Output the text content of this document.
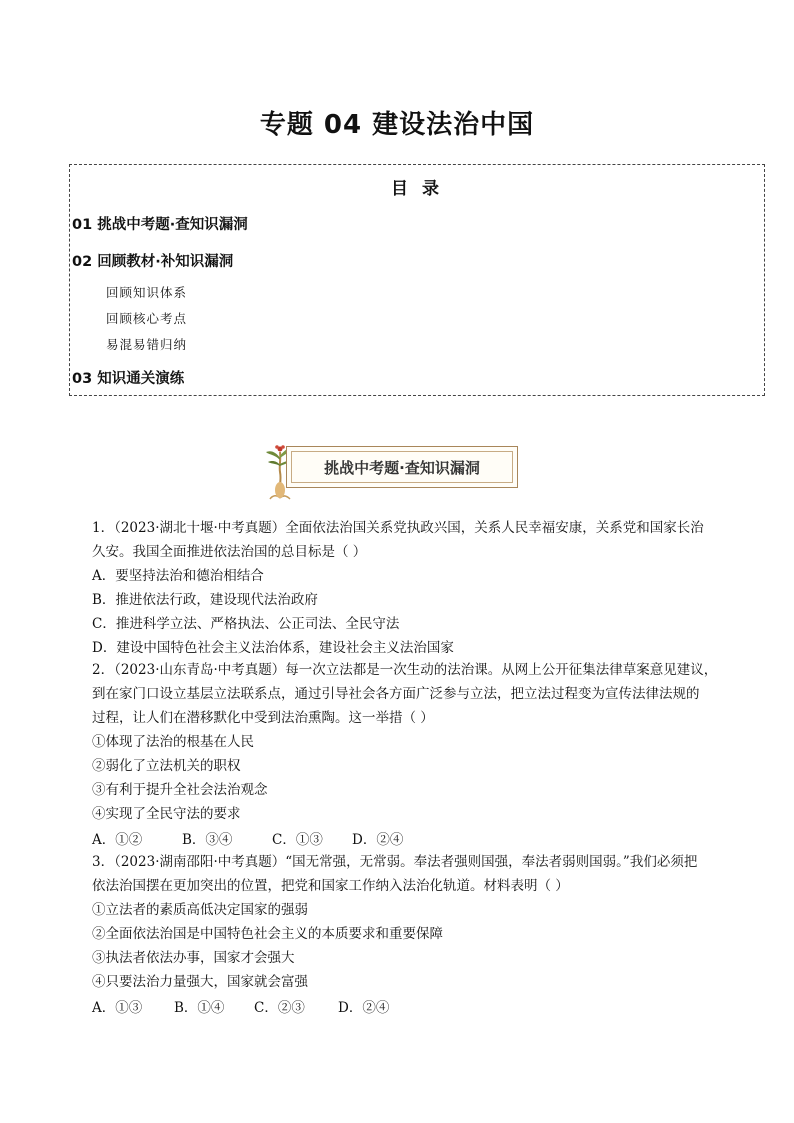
专题 04 建设法治中国
目 录
01 挑战中考题·查知识漏洞
02 回顾教材·补知识漏洞
回顾知识体系
回顾核心考点
易混易错归纳
03 知识通关演练
挑战中考题·查知识漏洞
1．（2023·湖北十堰·中考真题）全面依法治国关系党执政兴国，关系人民幸福安康，关系党和国家长治
久安。我国全面推进依法治国的总目标是（ ）
A．要坚持法治和德治相结合
B．推进依法行政，建设现代法治政府
C．推进科学立法、严格执法、公正司法、全民守法
D．建设中国特色社会主义法治体系，建设社会主义法治国家
2．（2023·山东青岛·中考真题）每一次立法都是一次生动的法治课。从网上公开征集法律草案意见建议，
到在家门口设立基层立法联系点，通过引导社会各方面广泛参与立法，把立法过程变为宣传法律法规的
过程，让人们在潜移默化中受到法治熏陶。这一举措（ ）
①体现了法治的根基在人民
②弱化了立法机关的职权
③有利于提升全社会法治观念
④实现了全民守法的要求
A．①②	B．③④	C．①③ D．②④
3．（2023·湖南邵阳·中考真题）“国无常强，无常弱。奉法者强则国强，奉法者弱则国弱。”我们必须把
依法治国摆在更加突出的位置，把党和国家工作纳入法治化轨道。材料表明（ ）
①立法者的素质高低决定国家的强弱
②全面依法治国是中国特色社会主义的本质要求和重要保障
③执法者依法办事，国家才会强大
④只要法治力量强大，国家就会富强
A．①③ B．①④ C．②③ D．②④
